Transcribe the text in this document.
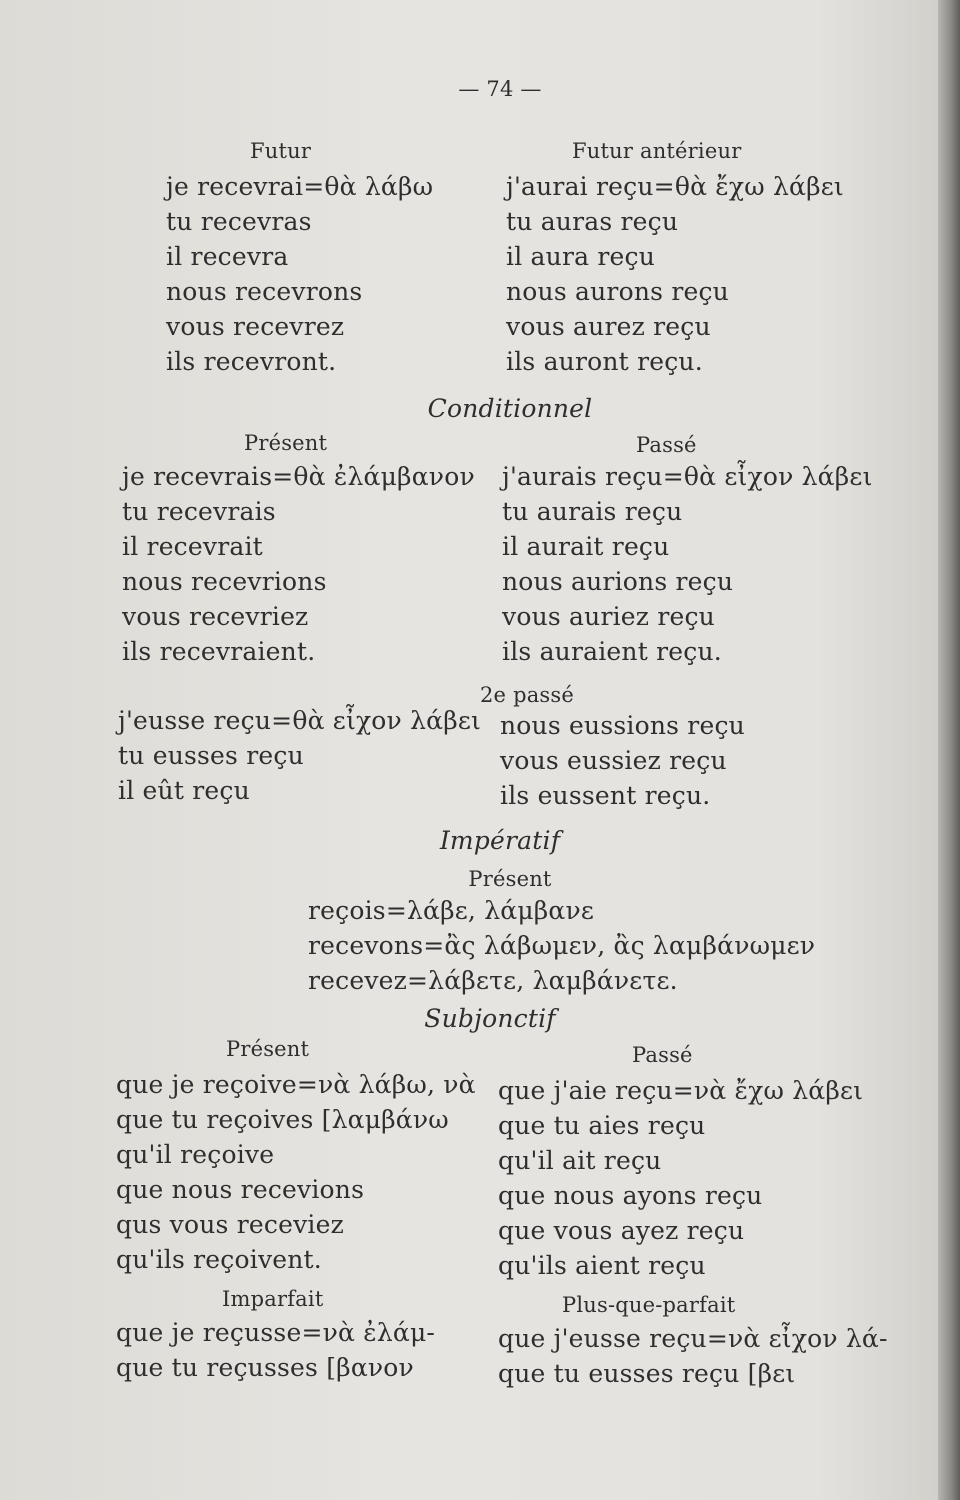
— 74 —
Futur
je recevrai=θὰ λάβω
tu recevras
il recevra
nous recevrons
vous recevrez
ils recevront.
Futur antérieur
j'aurai reçu=θὰ ἔχω λάβει
tu auras reçu
il aura reçu
nous aurons reçu
vous aurez reçu
ils auront reçu.
Conditionnel
Présent
je recevrais=θὰ ἐλάμβανον
tu recevrais
il recevrait
nous recevrions
vous recevriez
ils recevraient.
Passé
j'aurais reçu=θὰ εἶχον λάβει
tu aurais reçu
il aurait reçu
nous aurions reçu
vous auriez reçu
ils auraient reçu.
2e passé
j'eusse reçu=θὰ εἶχον λάβει
tu eusses reçu
il eût reçu
nous eussions reçu
vous eussiez reçu
ils eussent reçu.
Impératif
Présent
reçois=λάβε, λάμβανε
recevons=ἂς λάβωμεν, ἂς λαμβάνωμεν
recevez=λάβετε, λαμβάνετε.
Subjonctif
Présent
que je reçoive=νὰ λάβω, νὰ
que tu reçoives [λαμβάνω
qu'il reçoive
que nous recevions
qus vous receviez
qu'ils reçoivent.
Passé
que j'aie reçu=νὰ ἔχω λάβει
que tu aies reçu
qu'il ait reçu
que nous ayons reçu
que vous ayez reçu
qu'ils aient reçu
Imparfait
que je reçusse=νὰ ἐλάμ-
que tu reçusses [βανον
Plus-que-parfait
que j'eusse reçu=νὰ εἶχον λά-
que tu eusses reçu [βει
